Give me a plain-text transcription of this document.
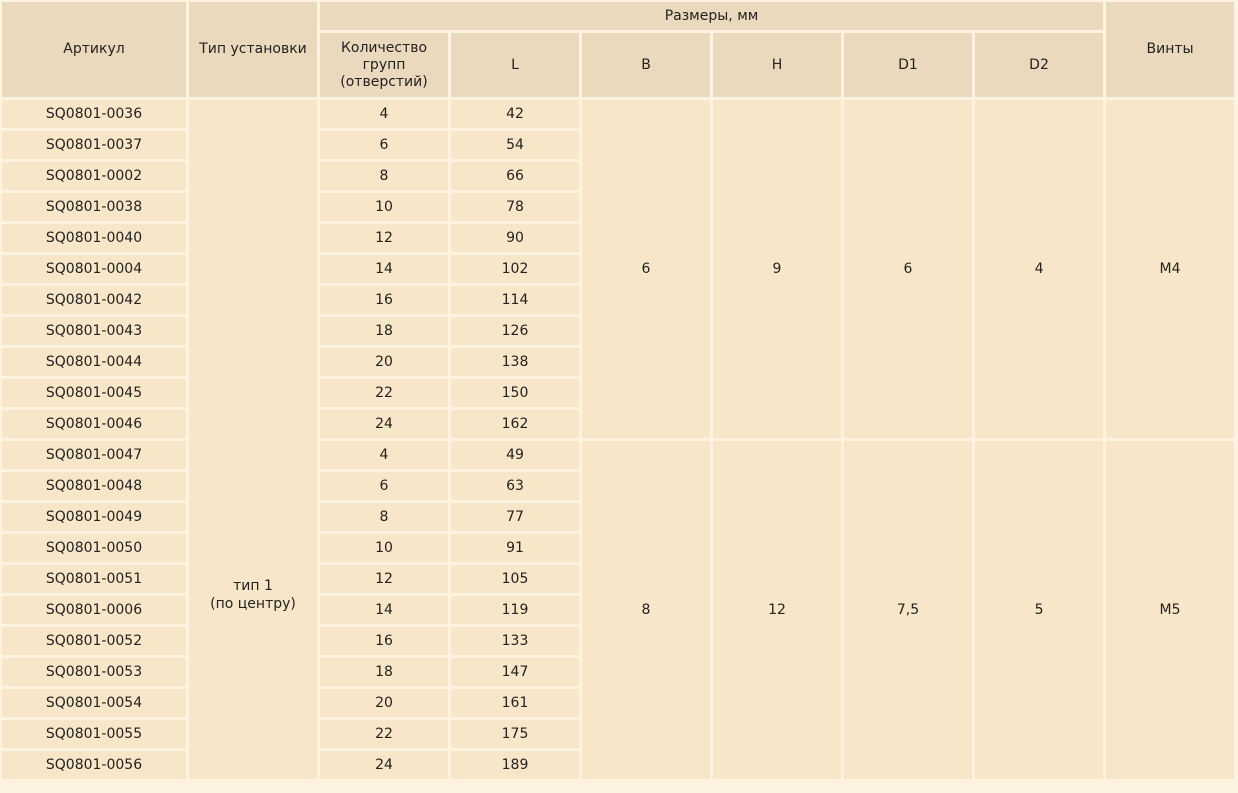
Артикул	Тип установки	Размеры, мм						Винты

		Количество
групп
(отверстий)	L	B	H	D1	D2	
SQ0801-0036	тип 1
(по центру)	4	42	6	9	6	4	M4
SQ0801-0037		6	54					
SQ0801-0002		8	66					
SQ0801-0038		10	78					
SQ0801-0040		12	90					
SQ0801-0004		14	102					
SQ0801-0042		16	114					
SQ0801-0043		18	126					
SQ0801-0044		20	138					
SQ0801-0045		22	150					
SQ0801-0046		24	162					
SQ0801-0047		4	49	8	12	7,5	5	M5
SQ0801-0048		6	63					
SQ0801-0049		8	77					
SQ0801-0050		10	91					
SQ0801-0051		12	105					
SQ0801-0006		14	119					
SQ0801-0052		16	133					
SQ0801-0053		18	147					
SQ0801-0054		20	161					
SQ0801-0055		22	175					
SQ0801-0056		24	189					
